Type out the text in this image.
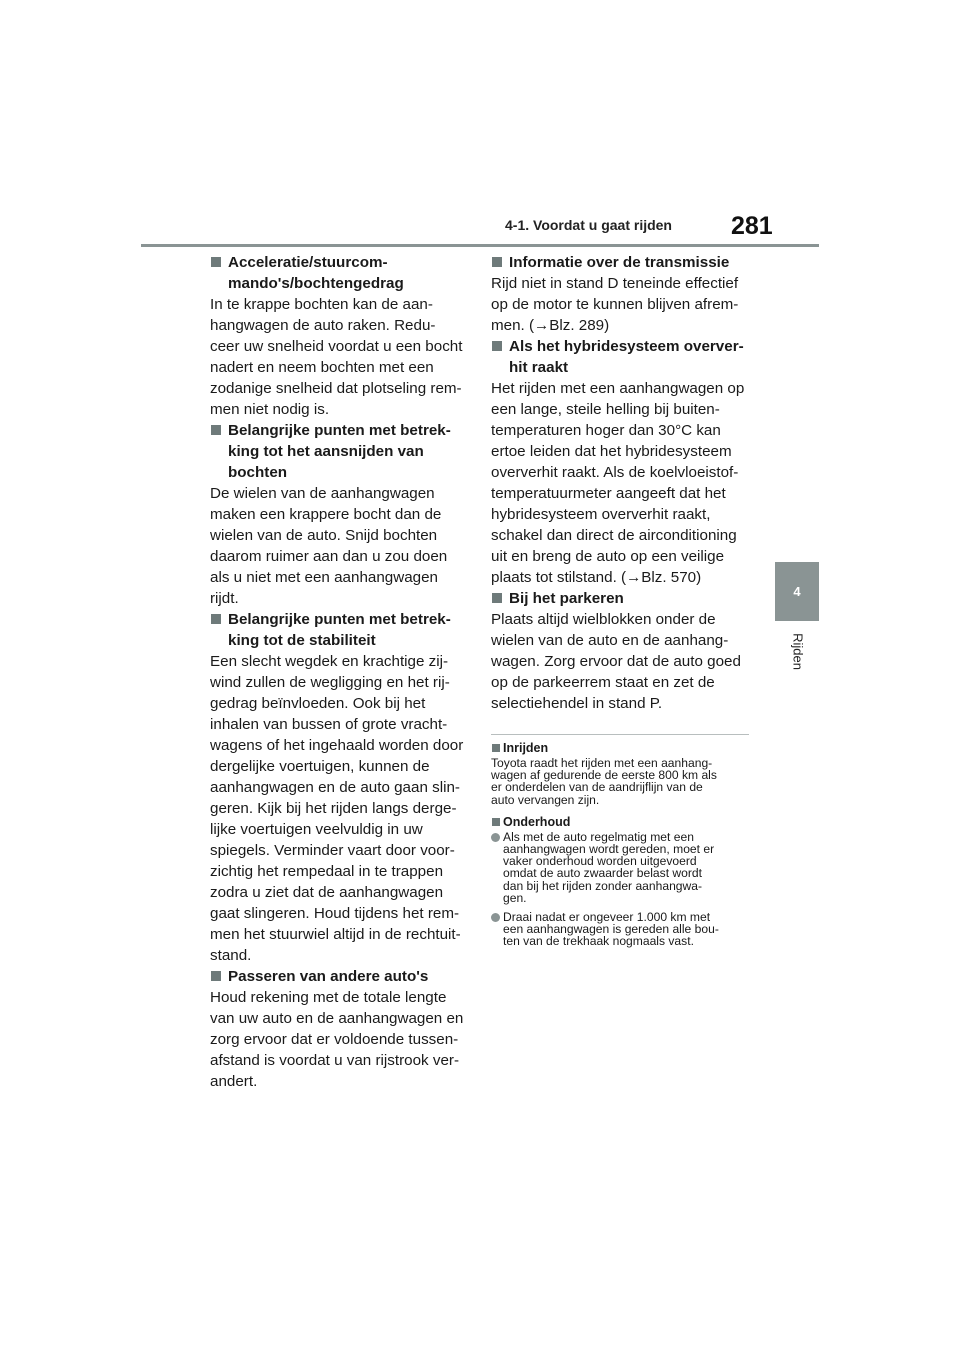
4-1. Voordat u gaat rijden 281
4
Rijden
Acceleratie/stuurcom-
mando's/bochtengedrag
In te krappe bochten kan de aan-
hangwagen de auto raken. Redu-
ceer uw snelheid voordat u een bocht
nadert en neem bochten met een
zodanige snelheid dat plotseling rem-
men niet nodig is.
Belangrijke punten met betrek-
king tot het aansnijden van
bochten
De wielen van de aanhangwagen
maken een krappere bocht dan de
wielen van de auto. Snijd bochten
daarom ruimer aan dan u zou doen
als u niet met een aanhangwagen
rijdt.
Belangrijke punten met betrek-
king tot de stabiliteit
Een slecht wegdek en krachtige zij-
wind zullen de wegligging en het rij-
gedrag beïnvloeden. Ook bij het
inhalen van bussen of grote vracht-
wagens of het ingehaald worden door
dergelijke voertuigen, kunnen de
aanhangwagen en de auto gaan slin-
geren. Kijk bij het rijden langs derge-
lijke voertuigen veelvuldig in uw
spiegels. Verminder vaart door voor-
zichtig het rempedaal in te trappen
zodra u ziet dat de aanhangwagen
gaat slingeren. Houd tijdens het rem-
men het stuurwiel altijd in de rechtuit-
stand.
Passeren van andere auto's
Houd rekening met de totale lengte
van uw auto en de aanhangwagen en
zorg ervoor dat er voldoende tussen-
afstand is voordat u van rijstrook ver-
andert.
Informatie over de transmissie
Rijd niet in stand D teneinde effectief
op de motor te kunnen blijven afrem-
men. (→Blz. 289)
Als het hybridesysteem overver-
hit raakt
Het rijden met een aanhangwagen op
een lange, steile helling bij buiten-
temperaturen hoger dan 30°C kan
ertoe leiden dat het hybridesysteem
oververhit raakt. Als de koelvloeistof-
temperatuurmeter aangeeft dat het
hybridesysteem oververhit raakt,
schakel dan direct de airconditioning
uit en breng de auto op een veilige
plaats tot stilstand. (→Blz. 570)
Bij het parkeren
Plaats altijd wielblokken onder de
wielen van de auto en de aanhang-
wagen. Zorg ervoor dat de auto goed
op de parkeerrem staat en zet de
selectiehendel in stand P.
Inrijden
Toyota raadt het rijden met een aanhang-
wagen af gedurende de eerste 800 km als
er onderdelen van de aandrijflijn van de
auto vervangen zijn.
Onderhoud
Als met de auto regelmatig met een
aanhangwagen wordt gereden, moet er
vaker onderhoud worden uitgevoerd
omdat de auto zwaarder belast wordt
dan bij het rijden zonder aanhangwa-
gen.
Draai nadat er ongeveer 1.000 km met
een aanhangwagen is gereden alle bou-
ten van de trekhaak nogmaals vast.
